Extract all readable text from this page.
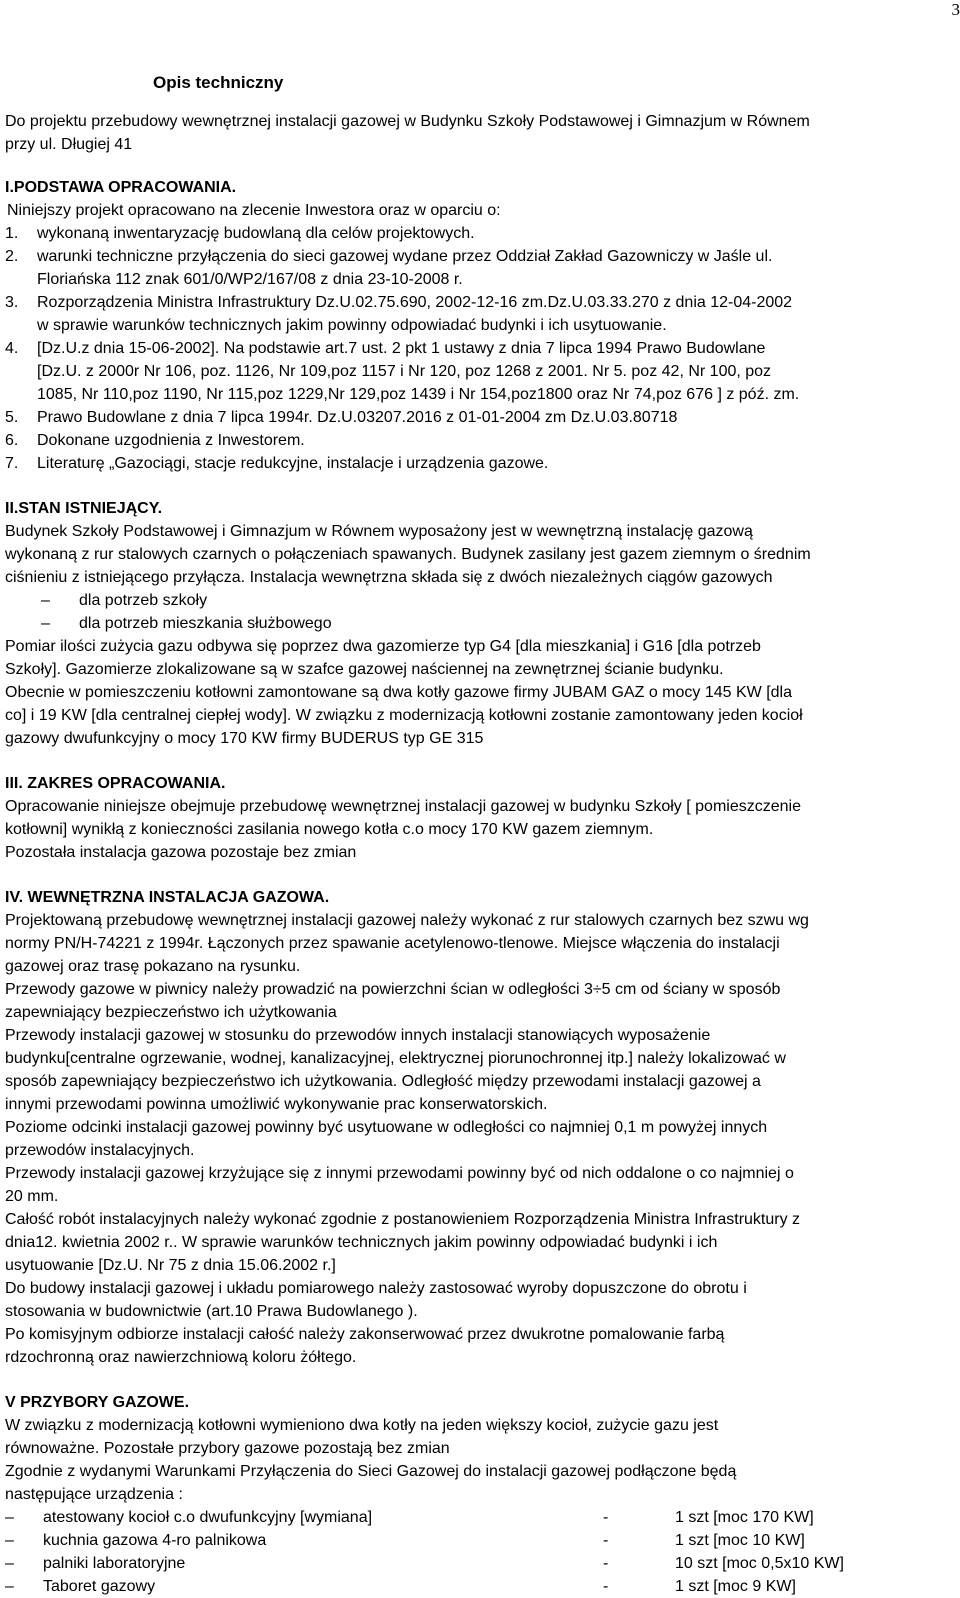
3
Opis techniczny

Do projektu przebudowy wewnętrznej instalacji gazowej w Budynku Szkoły Podstawowej i Gimnazjum w Równem

przy ul. Długiej 41

I.PODSTAWA OPRACOWANIA.

Niniejszy projekt opracowano na zlecenie Inwestora oraz w oparciu o:

1.	wykonaną inwentaryzację budowlaną dla celów projektowych.
2.	warunki techniczne przyłączenia do sieci gazowej wydane przez Oddział Zakład Gazowniczy w Jaśle ul.
Floriańska 112 znak 601/0/WP2/167/08 z dnia 23-10-2008 r.
3.	Rozporządzenia Ministra Infrastruktury Dz.U.02.75.690, 2002-12-16 zm.Dz.U.03.33.270 z dnia 12-04-2002
w sprawie warunków technicznych jakim powinny odpowiadać budynki i ich usytuowanie.
4.	[Dz.U.z dnia 15-06-2002]. Na podstawie art.7 ust. 2 pkt 1 ustawy z dnia 7 lipca 1994 Prawo Budowlane
[Dz.U. z 2000r Nr 106, poz. 1126, Nr 109,poz 1157 i Nr 120, poz 1268 z 2001. Nr 5. poz 42, Nr 100, poz
1085, Nr 110,poz 1190, Nr 115,poz 1229,Nr 129,poz 1439 i Nr 154,poz1800 oraz Nr 74,poz 676 ] z póź. zm.
5.	Prawo Budowlane z dnia 7 lipca 1994r. Dz.U.03207.2016 z 01-01-2004 zm Dz.U.03.80718
6.	Dokonane uzgodnienia z Inwestorem.
7.	Literaturę „Gazociągi, stacje redukcyjne, instalacje i urządzenia gazowe.

II.STAN ISTNIEJĄCY.

Budynek Szkoły Podstawowej i Gimnazjum w Równem wyposażony jest w wewnętrzną instalację gazową

wykonaną z rur stalowych czarnych o połączeniach spawanych. Budynek zasilany jest gazem ziemnym o średnim

ciśnieniu z istniejącego przyłącza. Instalacja wewnętrzna składa się z dwóch niezależnych ciągów gazowych

–	dla potrzeb szkoły
–	dla potrzeb mieszkania służbowego

Pomiar ilości zużycia gazu odbywa się poprzez dwa gazomierze typ G4 [dla mieszkania] i G16 [dla potrzeb

Szkoły]. Gazomierze zlokalizowane są w szafce gazowej naściennej na zewnętrznej ścianie budynku.

Obecnie w pomieszczeniu kotłowni zamontowane są dwa kotły gazowe firmy JUBAM GAZ o mocy 145 KW [dla

co] i 19 KW [dla centralnej ciepłej wody]. W związku z modernizacją kotłowni zostanie zamontowany jeden kocioł

gazowy dwufunkcyjny o mocy 170 KW firmy BUDERUS typ GE 315

III. ZAKRES OPRACOWANIA.

Opracowanie niniejsze obejmuje przebudowę wewnętrznej instalacji gazowej w budynku Szkoły [ pomieszczenie

kotłowni] wynikłą z konieczności zasilania nowego kotła c.o mocy 170 KW gazem ziemnym.

Pozostała instalacja gazowa pozostaje bez zmian

IV. WEWNĘTRZNA INSTALACJA GAZOWA.

Projektowaną przebudowę wewnętrznej instalacji gazowej należy wykonać z rur stalowych czarnych bez szwu wg

normy PN/H-74221 z 1994r. Łączonych przez spawanie acetylenowo-tlenowe. Miejsce włączenia do instalacji

gazowej oraz trasę pokazano na rysunku.

Przewody gazowe w piwnicy należy prowadzić na powierzchni ścian w odległości 3÷5 cm od ściany w sposób

zapewniający bezpieczeństwo ich użytkowania

Przewody instalacji gazowej w stosunku do przewodów innych instalacji stanowiących wyposażenie

budynku[centralne ogrzewanie, wodnej, kanalizacyjnej, elektrycznej piorunochronnej itp.] należy lokalizować w

sposób zapewniający bezpieczeństwo ich użytkowania. Odległość między przewodami instalacji gazowej a

innymi przewodami powinna umożliwić wykonywanie prac konserwatorskich.

Poziome odcinki instalacji gazowej powinny być usytuowane w odległości co najmniej 0,1 m powyżej innych

przewodów instalacyjnych.

Przewody instalacji gazowej krzyżujące się z innymi przewodami powinny być od nich oddalone o co najmniej o

20 mm.

Całość robót instalacyjnych należy wykonać zgodnie z postanowieniem Rozporządzenia Ministra Infrastruktury z

dnia12. kwietnia 2002 r.. W sprawie warunków technicznych jakim powinny odpowiadać budynki i ich

usytuowanie [Dz.U. Nr 75 z dnia 15.06.2002 r.]

Do budowy instalacji gazowej i układu pomiarowego należy zastosować wyroby dopuszczone do obrotu i

stosowania w budownictwie (art.10 Prawa Budowlanego ).

Po komisyjnym odbiorze instalacji całość należy zakonserwować przez dwukrotne pomalowanie farbą

rdzochronną oraz nawierzchniową koloru żółtego.

V PRZYBORY GAZOWE.

W związku z modernizacją kotłowni wymieniono dwa kotły na jeden większy kocioł, zużycie gazu jest

równoważne. Pozostałe przybory gazowe pozostają bez zmian

Zgodnie z wydanymi Warunkami Przyłączenia do Sieci Gazowej do instalacji gazowej podłączone będą

następujące urządzenia :

–	atestowany kocioł c.o dwufunkcyjny [wymiana]	-	1 szt [moc 170 KW]
–	kuchnia gazowa 4-ro palnikowa	-	1 szt [moc 10 KW]
–	palniki laboratoryjne	-	10 szt [moc 0,5x10 KW]
–	Taboret gazowy	-	1 szt [moc 9 KW]
